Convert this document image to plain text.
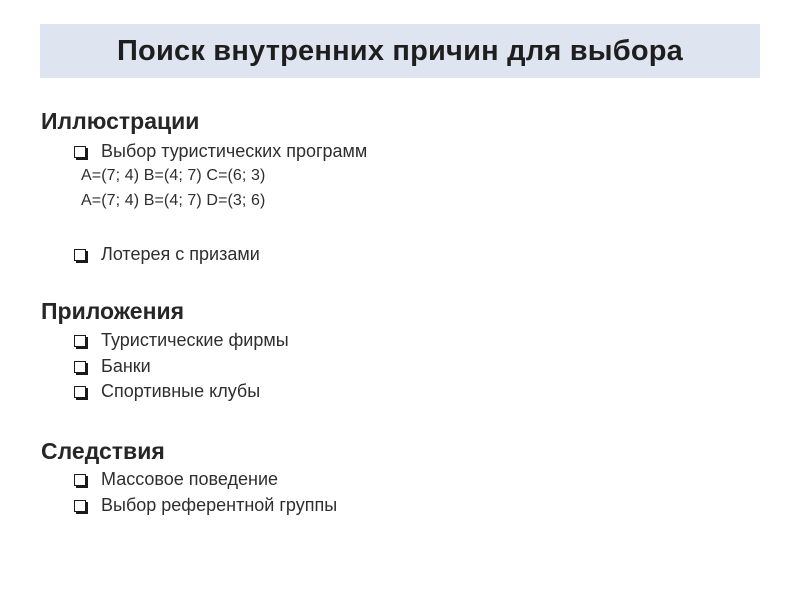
Поиск внутренних причин для выбора
Иллюстрации
Выбор туристических программ
A=(7; 4) B=(4; 7) C=(6; 3)
A=(7; 4) B=(4; 7) D=(3; 6)
Лотерея с призами
Приложения
Туристические фирмы
Банки
Спортивные клубы
Следствия
Массовое поведение
Выбор референтной группы
